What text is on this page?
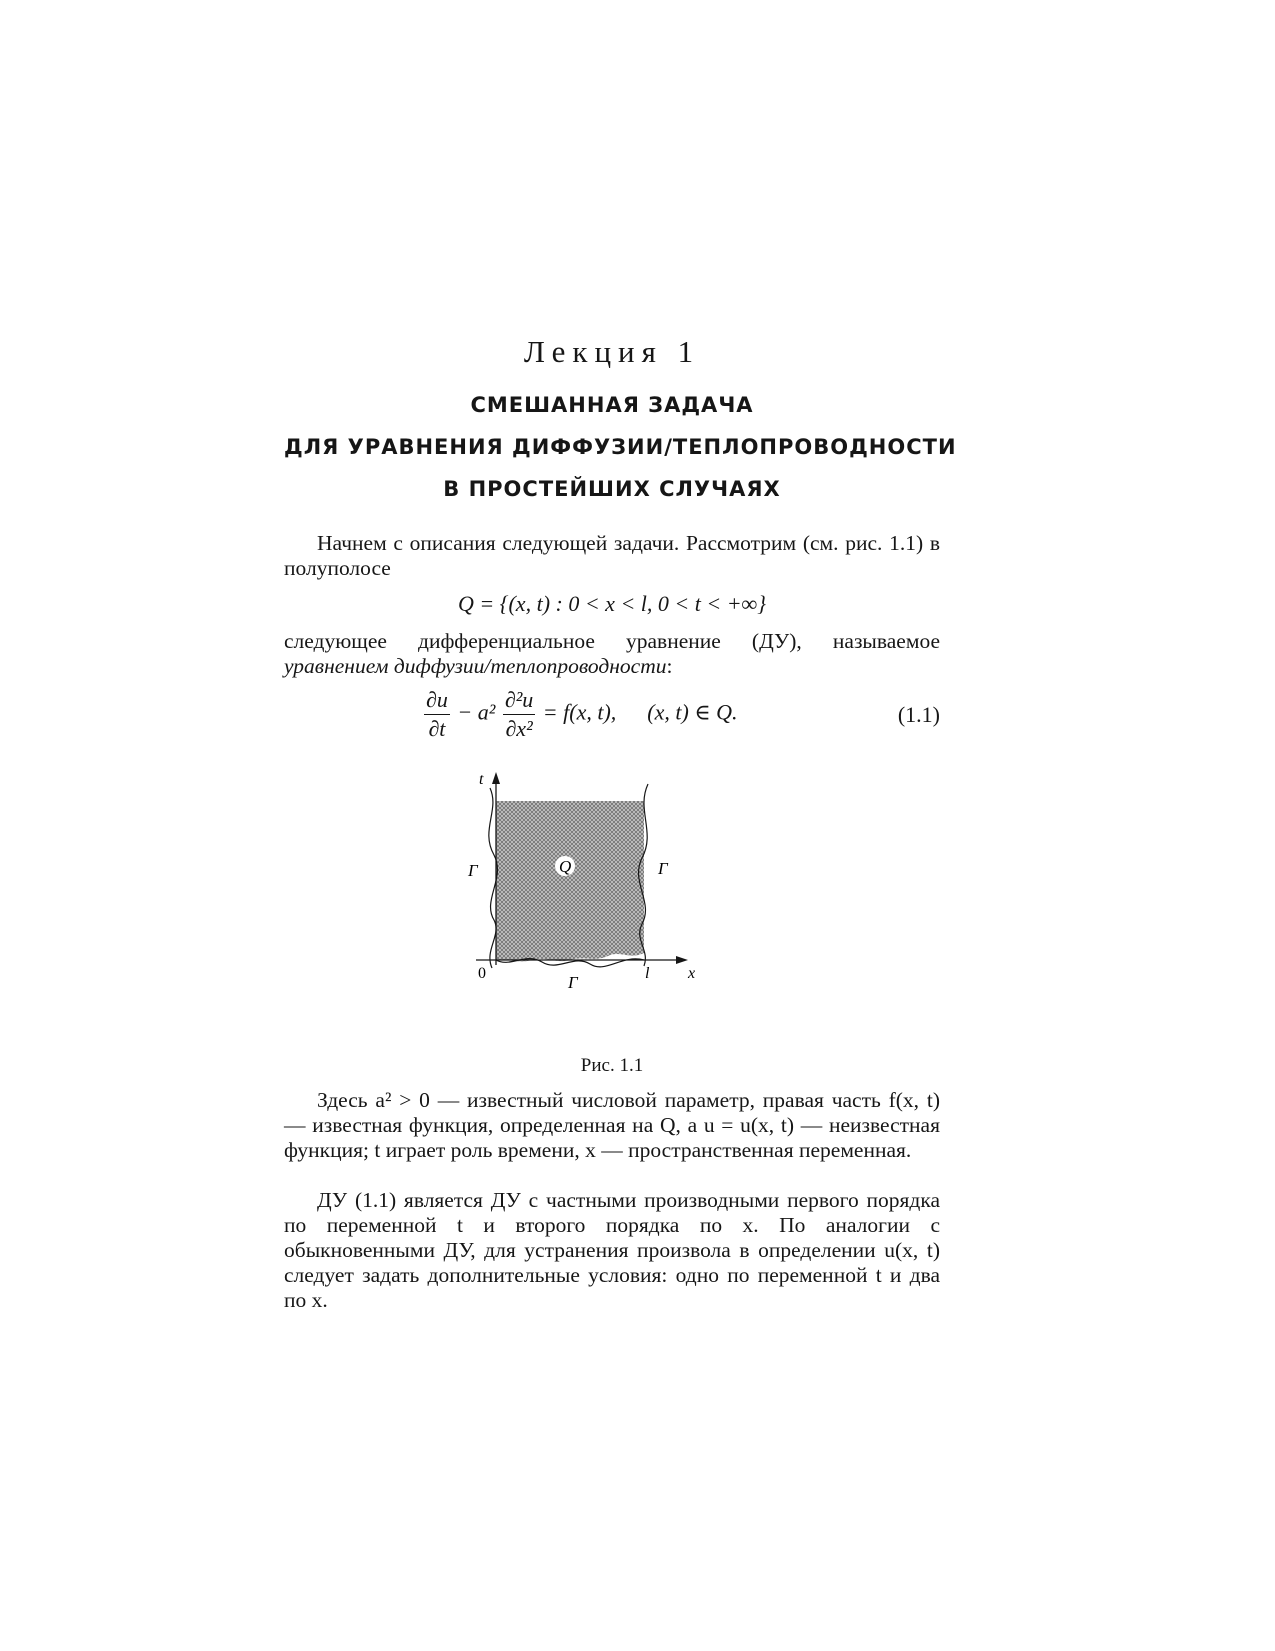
Лекция 1
СМЕШАННАЯ ЗАДАЧА
ДЛЯ УРАВНЕНИЯ ДИФФУЗИИ/ТЕПЛОПРОВОДНОСТИ
В ПРОСТЕЙШИХ СЛУЧАЯХ

Начнем с описания следующей задачи. Рассмотрим (см. рис. 1.1) в полуполосе

Q = {(x, t) : 0 < x < l, 0 < t < +∞}

следующее дифференциальное уравнение (ДУ), называемое уравнением диффузии/теплопроводности:

$\frac{\partial u}{\partial t} - a^2 \frac{\text{∂²u}}{\text{∂x²}} = f(x$, t), (x, t) ∈ Q.	(1.1)
Q
t
x
0	l
Γ	Γ
Γ
Рис. 1.1

Здесь a² > 0 — известный числовой параметр, правая часть f(x, t) — известная функция, определенная на Q, а u = u(x, t) — неизвестная функция; t играет роль времени, x — пространственная переменная.

ДУ (1.1) является ДУ с частными производными первого порядка по переменной t и второго порядка по x. По аналогии с обыкновенными ДУ, для устранения произвола в определении u(x, t) следует задать дополнительные условия: одно по переменной t и два по x.
